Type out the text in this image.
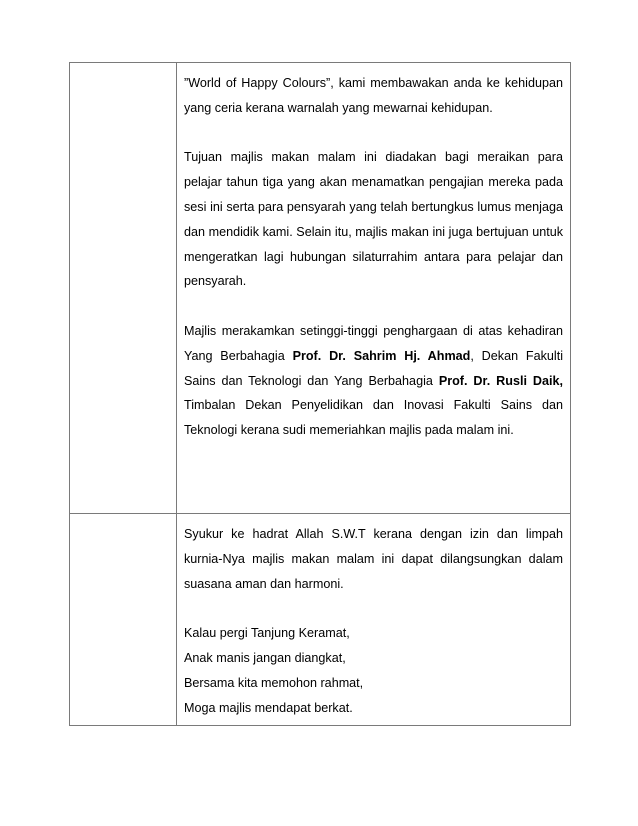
	”World of Happy Colours”, kami membawakan anda ke kehidupan yang ceria kerana warnalah yang mewarnai kehidupan.

Tujuan majlis makan malam ini diadakan bagi meraikan para pelajar tahun tiga yang akan menamatkan pengajian mereka pada sesi ini serta para pensyarah yang telah bertungkus lumus menjaga dan mendidik kami. Selain itu, majlis makan ini juga bertujuan untuk mengeratkan lagi hubungan silaturrahim antara para pelajar dan pensyarah.

Majlis merakamkan setinggi-tinggi penghargaan di atas kehadiran Yang Berbahagia Prof. Dr. Sahrim Hj. Ahmad, Dekan Fakulti Sains dan Teknologi dan Yang Berbahagia Prof. Dr. Rusli Daik, Timbalan Dekan Penyelidikan dan Inovasi Fakulti Sains dan Teknologi kerana sudi memeriahkan majlis pada malam ini.

	Syukur ke hadrat Allah S.W.T kerana dengan izin dan limpah kurnia-Nya majlis makan malam ini dapat dilangsungkan dalam suasana aman dan harmoni.

Kalau pergi Tanjung Keramat,
Anak manis jangan diangkat,
Bersama kita memohon rahmat,
Moga majlis mendapat berkat.
